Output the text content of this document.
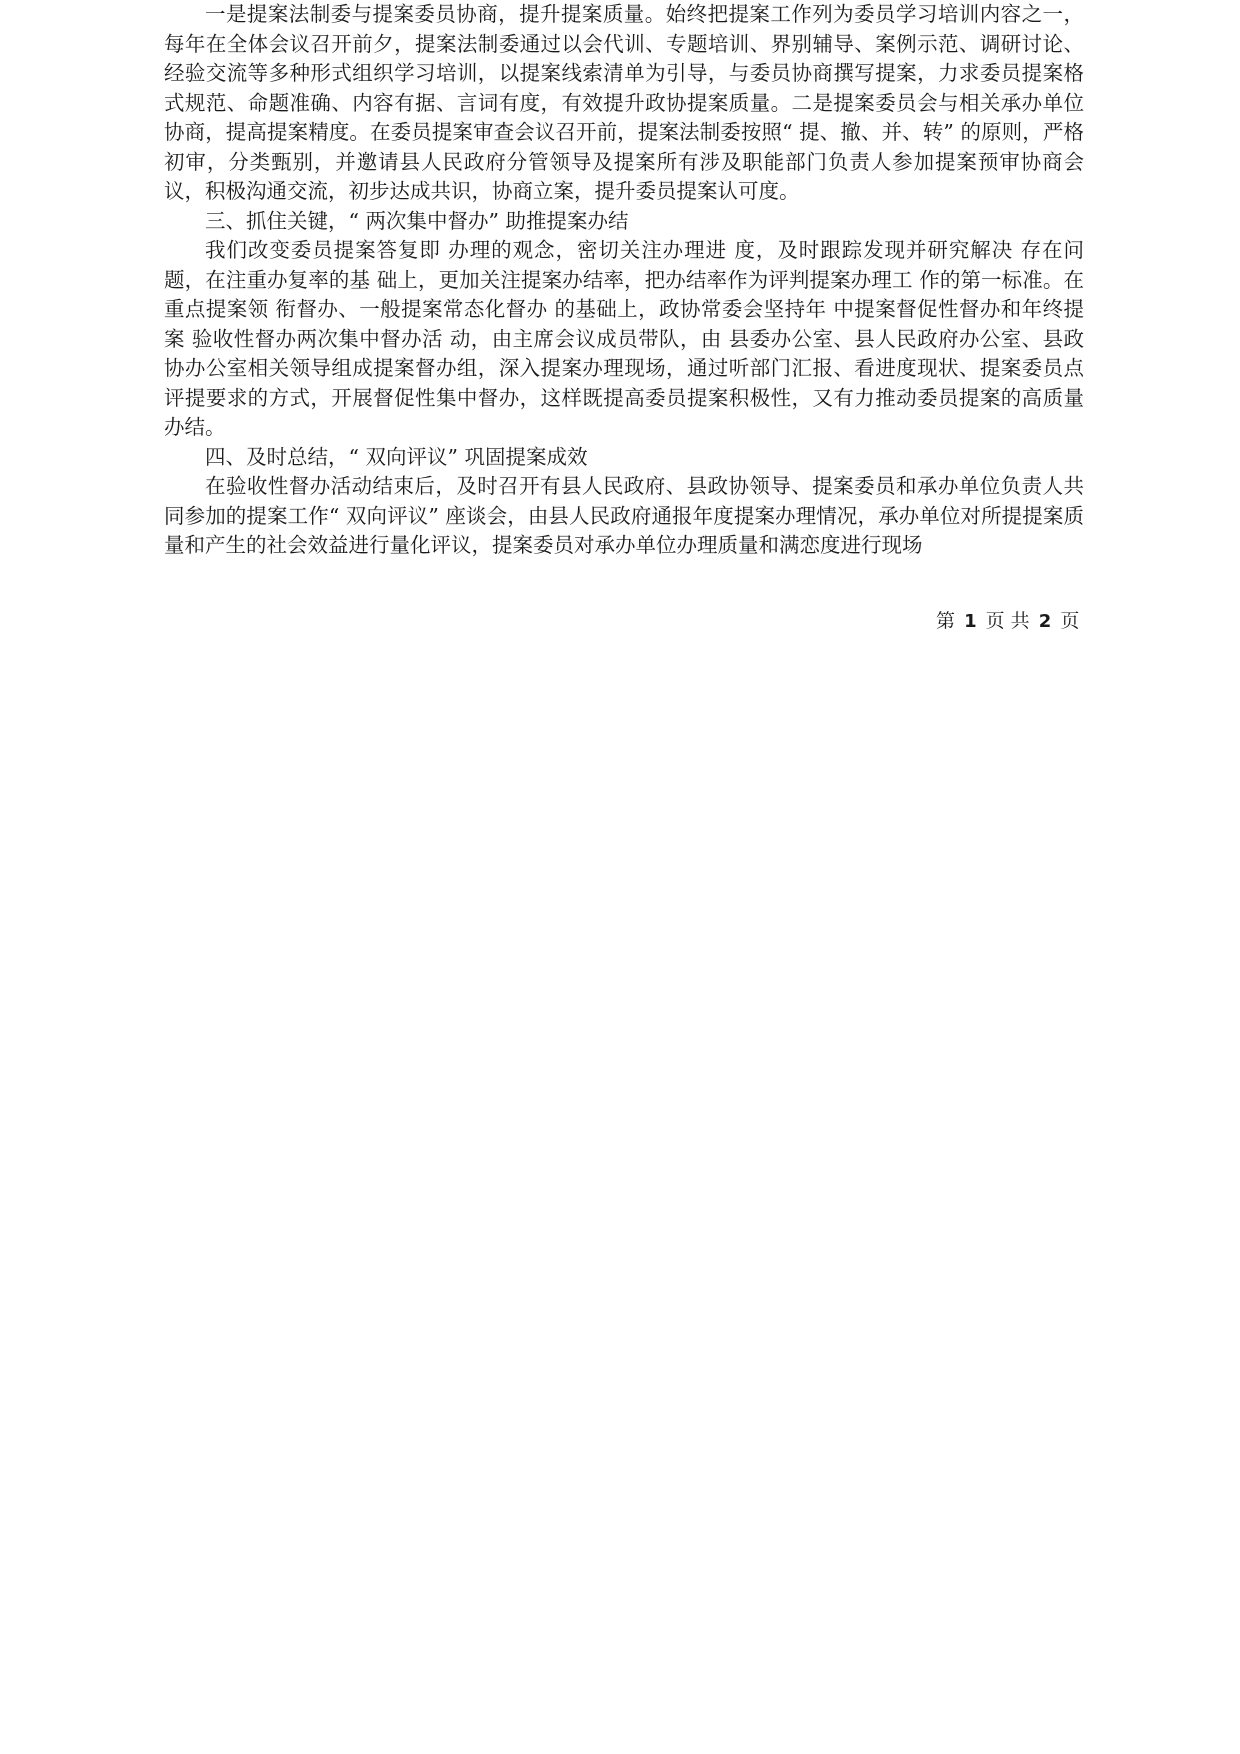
一是提案法制委与提案委员协商，提升提案质量。始终把提案工作列为委员学习培训内容之一，每年在全体会议召开前夕，提案法制委通过以会代训、专题培训、界别辅导、案例示范、调研讨论、经验交流等多种形式组织学习培训，以提案线索清单为引导，与委员协商撰写提案，力求委员提案格式规范、命题准确、内容有据、言词有度，有效提升政协提案质量。二是提案委员会与相关承办单位协商，提高提案精度。在委员提案审查会议召开前，提案法制委按照“ 提、撤、并、转” 的原则，严格初审，分类甄别，并邀请县人民政府分管领导及提案所有涉及职能部门负责人参加提案预审协商会议，积极沟通交流，初步达成共识，协商立案，提升委员提案认可度。

三、抓住关键，“ 两次集中督办” 助推提案办结

我们改变委员提案答复即 办理的观念，密切关注办理进 度，及时跟踪发现并研究解决 存在问题，在注重办复率的基 础上，更加关注提案办结率，把办结率作为评判提案办理工 作的第一标准。在重点提案领 衔督办、一般提案常态化督办 的基础上，政协常委会坚持年 中提案督促性督办和年终提案 验收性督办两次集中督办活 动，由主席会议成员带队，由 县委办公室、县人民政府办公室、县政协办公室相关领导组成提案督办组，深入提案办理现场，通过听部门汇报、看进度现状、提案委员点评提要求的方式，开展督促性集中督办，这样既提高委员提案积极性，又有力推动委员提案的高质量办结。

四、及时总结，“ 双向评议” 巩固提案成效

在验收性督办活动结束后，及时召开有县人民政府、县政协领导、提案委员和承办单位负责人共同参加的提案工作“ 双向评议” 座谈会，由县人民政府通报年度提案办理情况，承办单位对所提提案质量和产生的社会效益进行量化评议，提案委员对承办单位办理质量和满恋度进行现场

第 1 页 共 2 页
